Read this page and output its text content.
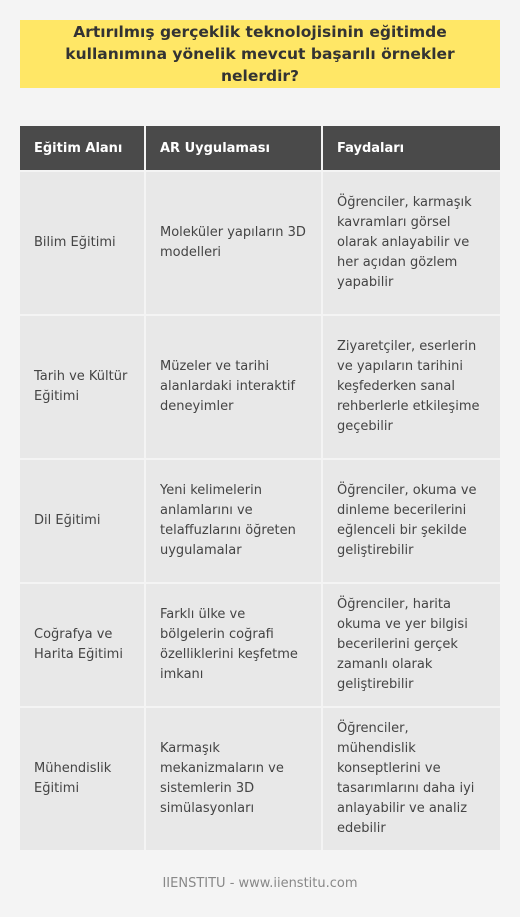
Artırılmış gerçeklik teknolojisinin eğitimde kullanımına yönelik mevcut başarılı örnekler nelerdir?
Eğitim Alanı	AR Uygulaması	Faydaları
Bilim Eğitimi	Moleküler yapıların 3D modelleri	Öğrenciler, karmaşık kavramları görsel olarak anlayabilir ve her açıdan gözlem yapabilir
Tarih ve Kültür Eğitimi	Müzeler ve tarihi alanlardaki interaktif deneyimler	Ziyaretçiler, eserlerin ve yapıların tarihini keşfederken sanal rehberlerle etkileşime geçebilir
Dil Eğitimi	Yeni kelimelerin anlamlarını ve telaffuzlarını öğreten uygulamalar	Öğrenciler, okuma ve dinleme becerilerini eğlenceli bir şekilde geliştirebilir
Coğrafya ve Harita Eğitimi	Farklı ülke ve bölgelerin coğrafi özelliklerini keşfetme imkanı	Öğrenciler, harita okuma ve yer bilgisi becerilerini gerçek zamanlı olarak geliştirebilir
Mühendislik Eğitimi	Karmaşık mekanizmaların ve sistemlerin 3D simülasyonları	Öğrenciler, mühendislik konseptlerini ve tasarımlarını daha iyi anlayabilir ve analiz edebilir
IIENSTITU - www.iienstitu.com
